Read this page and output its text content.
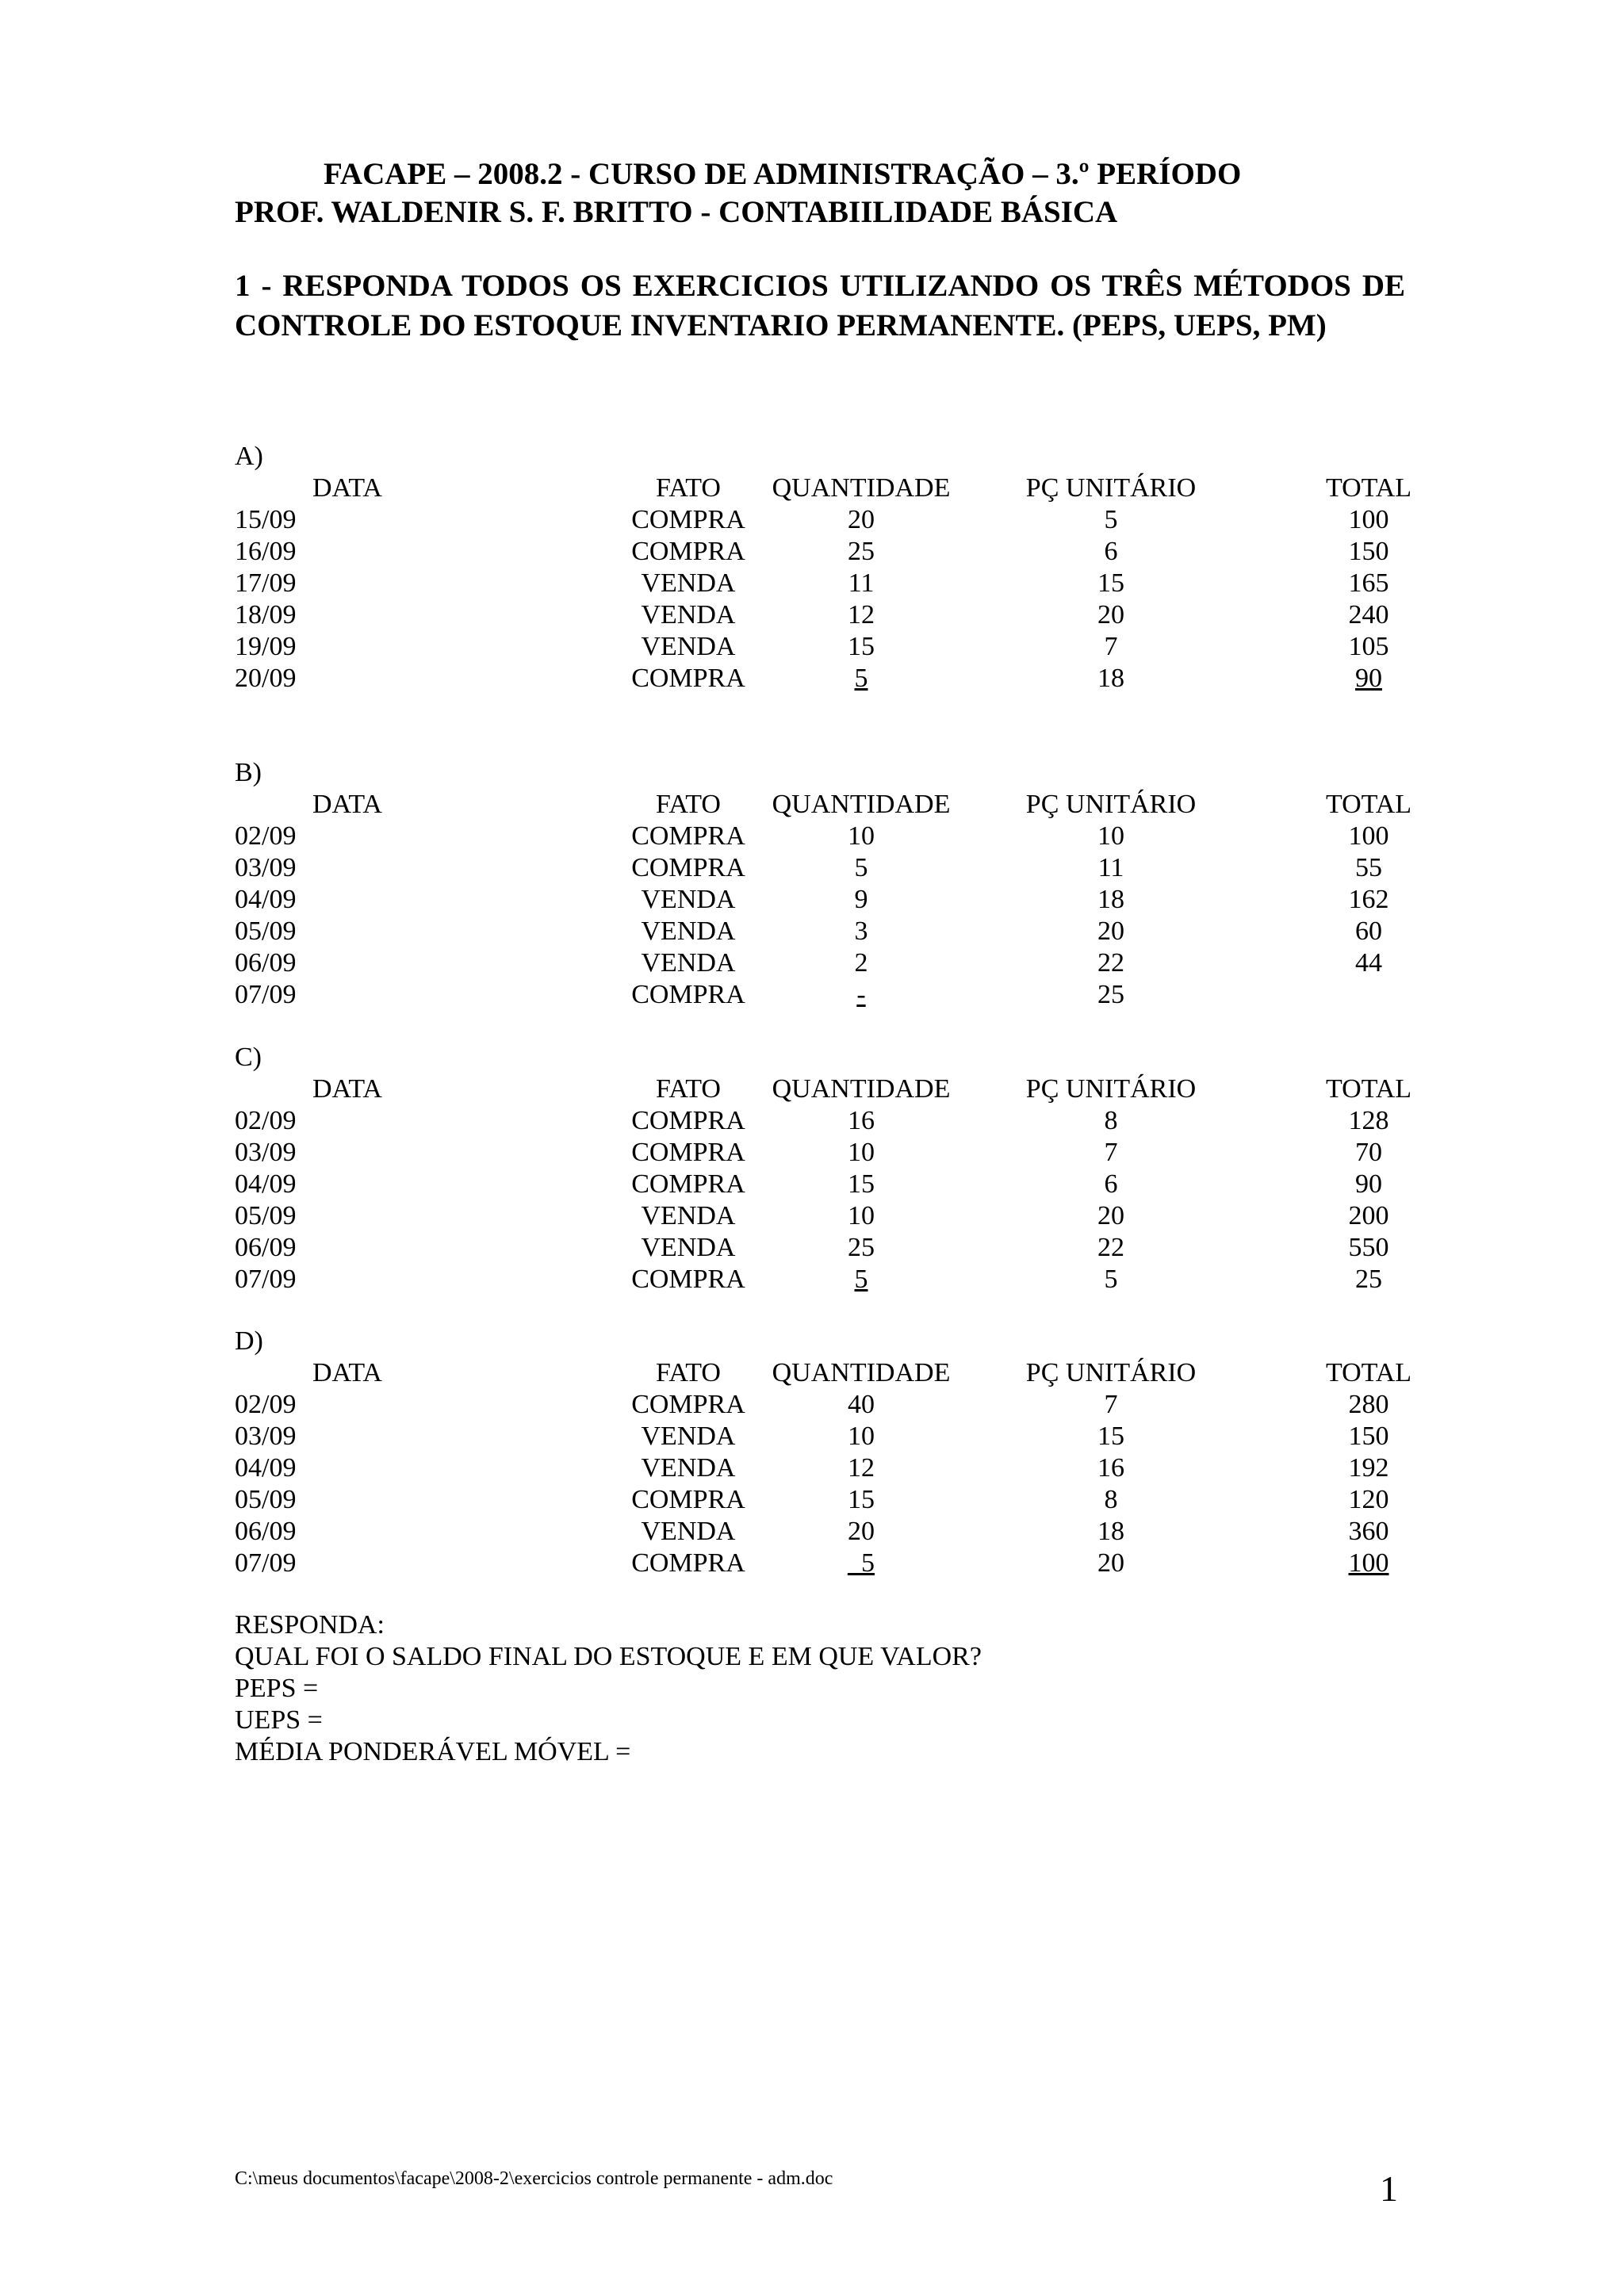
FACAPE – 2008.2 - CURSO DE ADMINISTRAÇÃO – 3.º PERÍODO
PROF. WALDENIR S. F. BRITTO - CONTABIILIDADE BÁSICA
1 - RESPONDA TODOS OS EXERCICIOS UTILIZANDO OS TRÊS MÉTODOS DE CONTROLE DO ESTOQUE INVENTARIO PERMANENTE. (PEPS, UEPS, PM)
A)
DATA	FATO	QUANTIDADE	PÇ UNITÁRIO	TOTAL
15/09	COMPRA	20	5	100
16/09	COMPRA	25	6	150
17/09	VENDA	11	15	165
18/09	VENDA	12	20	240
19/09	VENDA	15	7	105
20/09	COMPRA	5	18	90
B)
DATA	FATO	QUANTIDADE	PÇ UNITÁRIO	TOTAL
02/09	COMPRA	10	10	100
03/09	COMPRA	5	11	55
04/09	VENDA	9	18	162
05/09	VENDA	3	20	60
06/09	VENDA	2	22	44
07/09	COMPRA	-	25
C)
DATA	FATO	QUANTIDADE	PÇ UNITÁRIO	TOTAL
02/09	COMPRA	16	8	128
03/09	COMPRA	10	7	70
04/09	COMPRA	15	6	90
05/09	VENDA	10	20	200
06/09	VENDA	25	22	550
07/09	COMPRA	5	5	25
D)
DATA	FATO	QUANTIDADE	PÇ UNITÁRIO	TOTAL
02/09	COMPRA	40	7	280
03/09	VENDA	10	15	150
04/09	VENDA	12	16	192
05/09	COMPRA	15	8	120
06/09	VENDA	20	18	360
07/09	COMPRA	_5	20	100
RESPONDA:
QUAL FOI O SALDO FINAL DO ESTOQUE E EM QUE VALOR?
PEPS =
UEPS =
MÉDIA PONDERÁVEL MÓVEL =
C:\meus documentos\facape\2008-2\exercicios controle permanente - adm.doc	1
